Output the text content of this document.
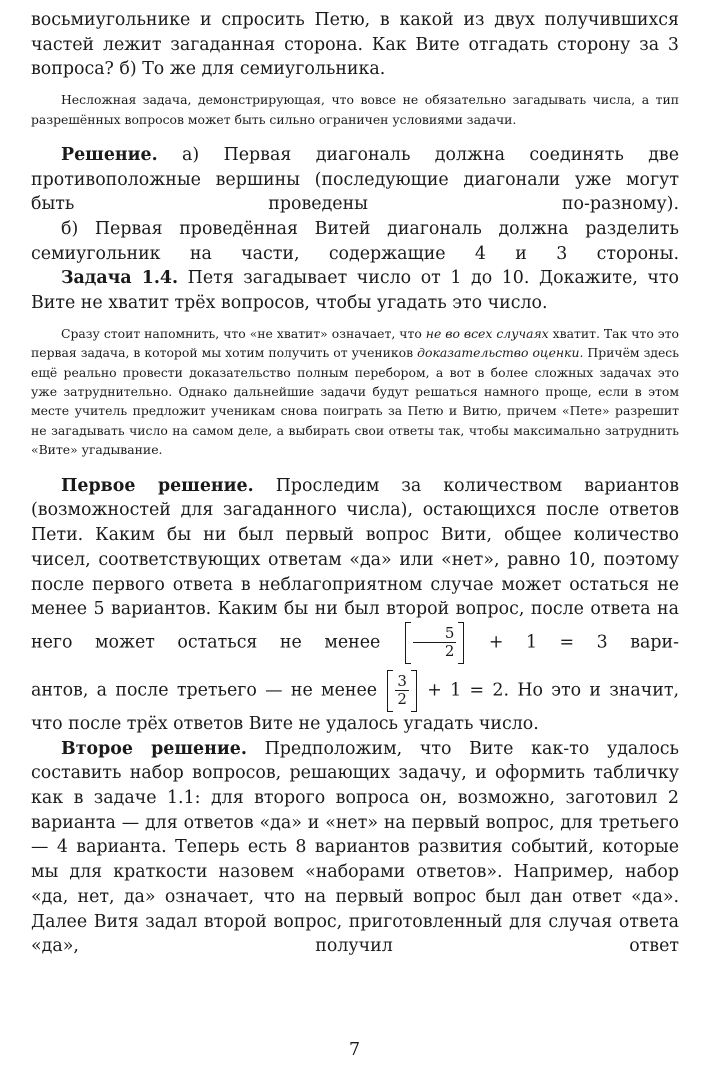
восьмиугольнике и спросить Петю, в какой из двух получившихся частей лежит загаданная сторона. Как Вите отгадать сторону за 3 вопроса? б) То же для семиугольника.

Несложная задача, демонстрирующая, что вовсе не обязательно загадывать числа, а тип разрешённых вопросов может быть сильно ограничен условиями задачи.

Решение. а) Первая диагональ должна соединять две противоположные вершины (последующие диагонали уже могут быть проведены по-разному).

б) Первая проведённая Витей диагональ должна разделить семиугольник на части, содержащие 4 и 3 стороны.

Задача 1.4. Петя загадывает число от 1 до 10. Докажите, что Вите не хватит трёх вопросов, чтобы угадать это число.

Сразу стоит напомнить, что «не хватит» означает, что не во всех случаях хватит. Так что это первая задача, в которой мы хотим получить от учеников доказательство оценки. Причём здесь ещё реально провести доказательство полным перебором, а вот в более сложных задачах это уже затруднительно. Однако дальнейшие задачи будут решаться намного проще, если в этом месте учитель предложит ученикам снова поиграть за Петю и Витю, причем «Пете» разрешит не загадывать число на самом деле, а выбирать свои ответы так, чтобы максимально затруднить «Вите» угадывание.

Первое решение. Проследим за количеством вариантов (возможностей для загаданного числа), остающихся после ответов Пети. Каким бы ни был первый вопрос Вити, общее количество чисел, соответствующих ответам «да» или «нет», равно 10, поэтому после первого ответа в неблагоприятном случае может остаться не менее 5 вариантов. Каким бы ни был второй вопрос, после ответа на него может остаться не менее $\frac{5}{2} + 1 = 3$ вари-

антов, а после третьего — не менее $\frac{3}{2} + 1 = 2$. Но это и значит,

что после трёх ответов Вите не удалось угадать число.

Второе решение. Предположим, что Вите как-то удалось составить набор вопросов, решающих задачу, и оформить табличку как в задаче 1.1: для второго вопроса он, возможно, заготовил 2 варианта — для ответов «да» и «нет» на первый вопрос, для третьего — 4 варианта. Теперь есть 8 вариантов развития событий, которые мы для краткости назовем «наборами ответов». Например, набор «да, нет, да» означает, что на первый вопрос был дан ответ «да». Далее Витя задал второй вопрос, приготовленный для случая ответа «да», получил ответ

7
